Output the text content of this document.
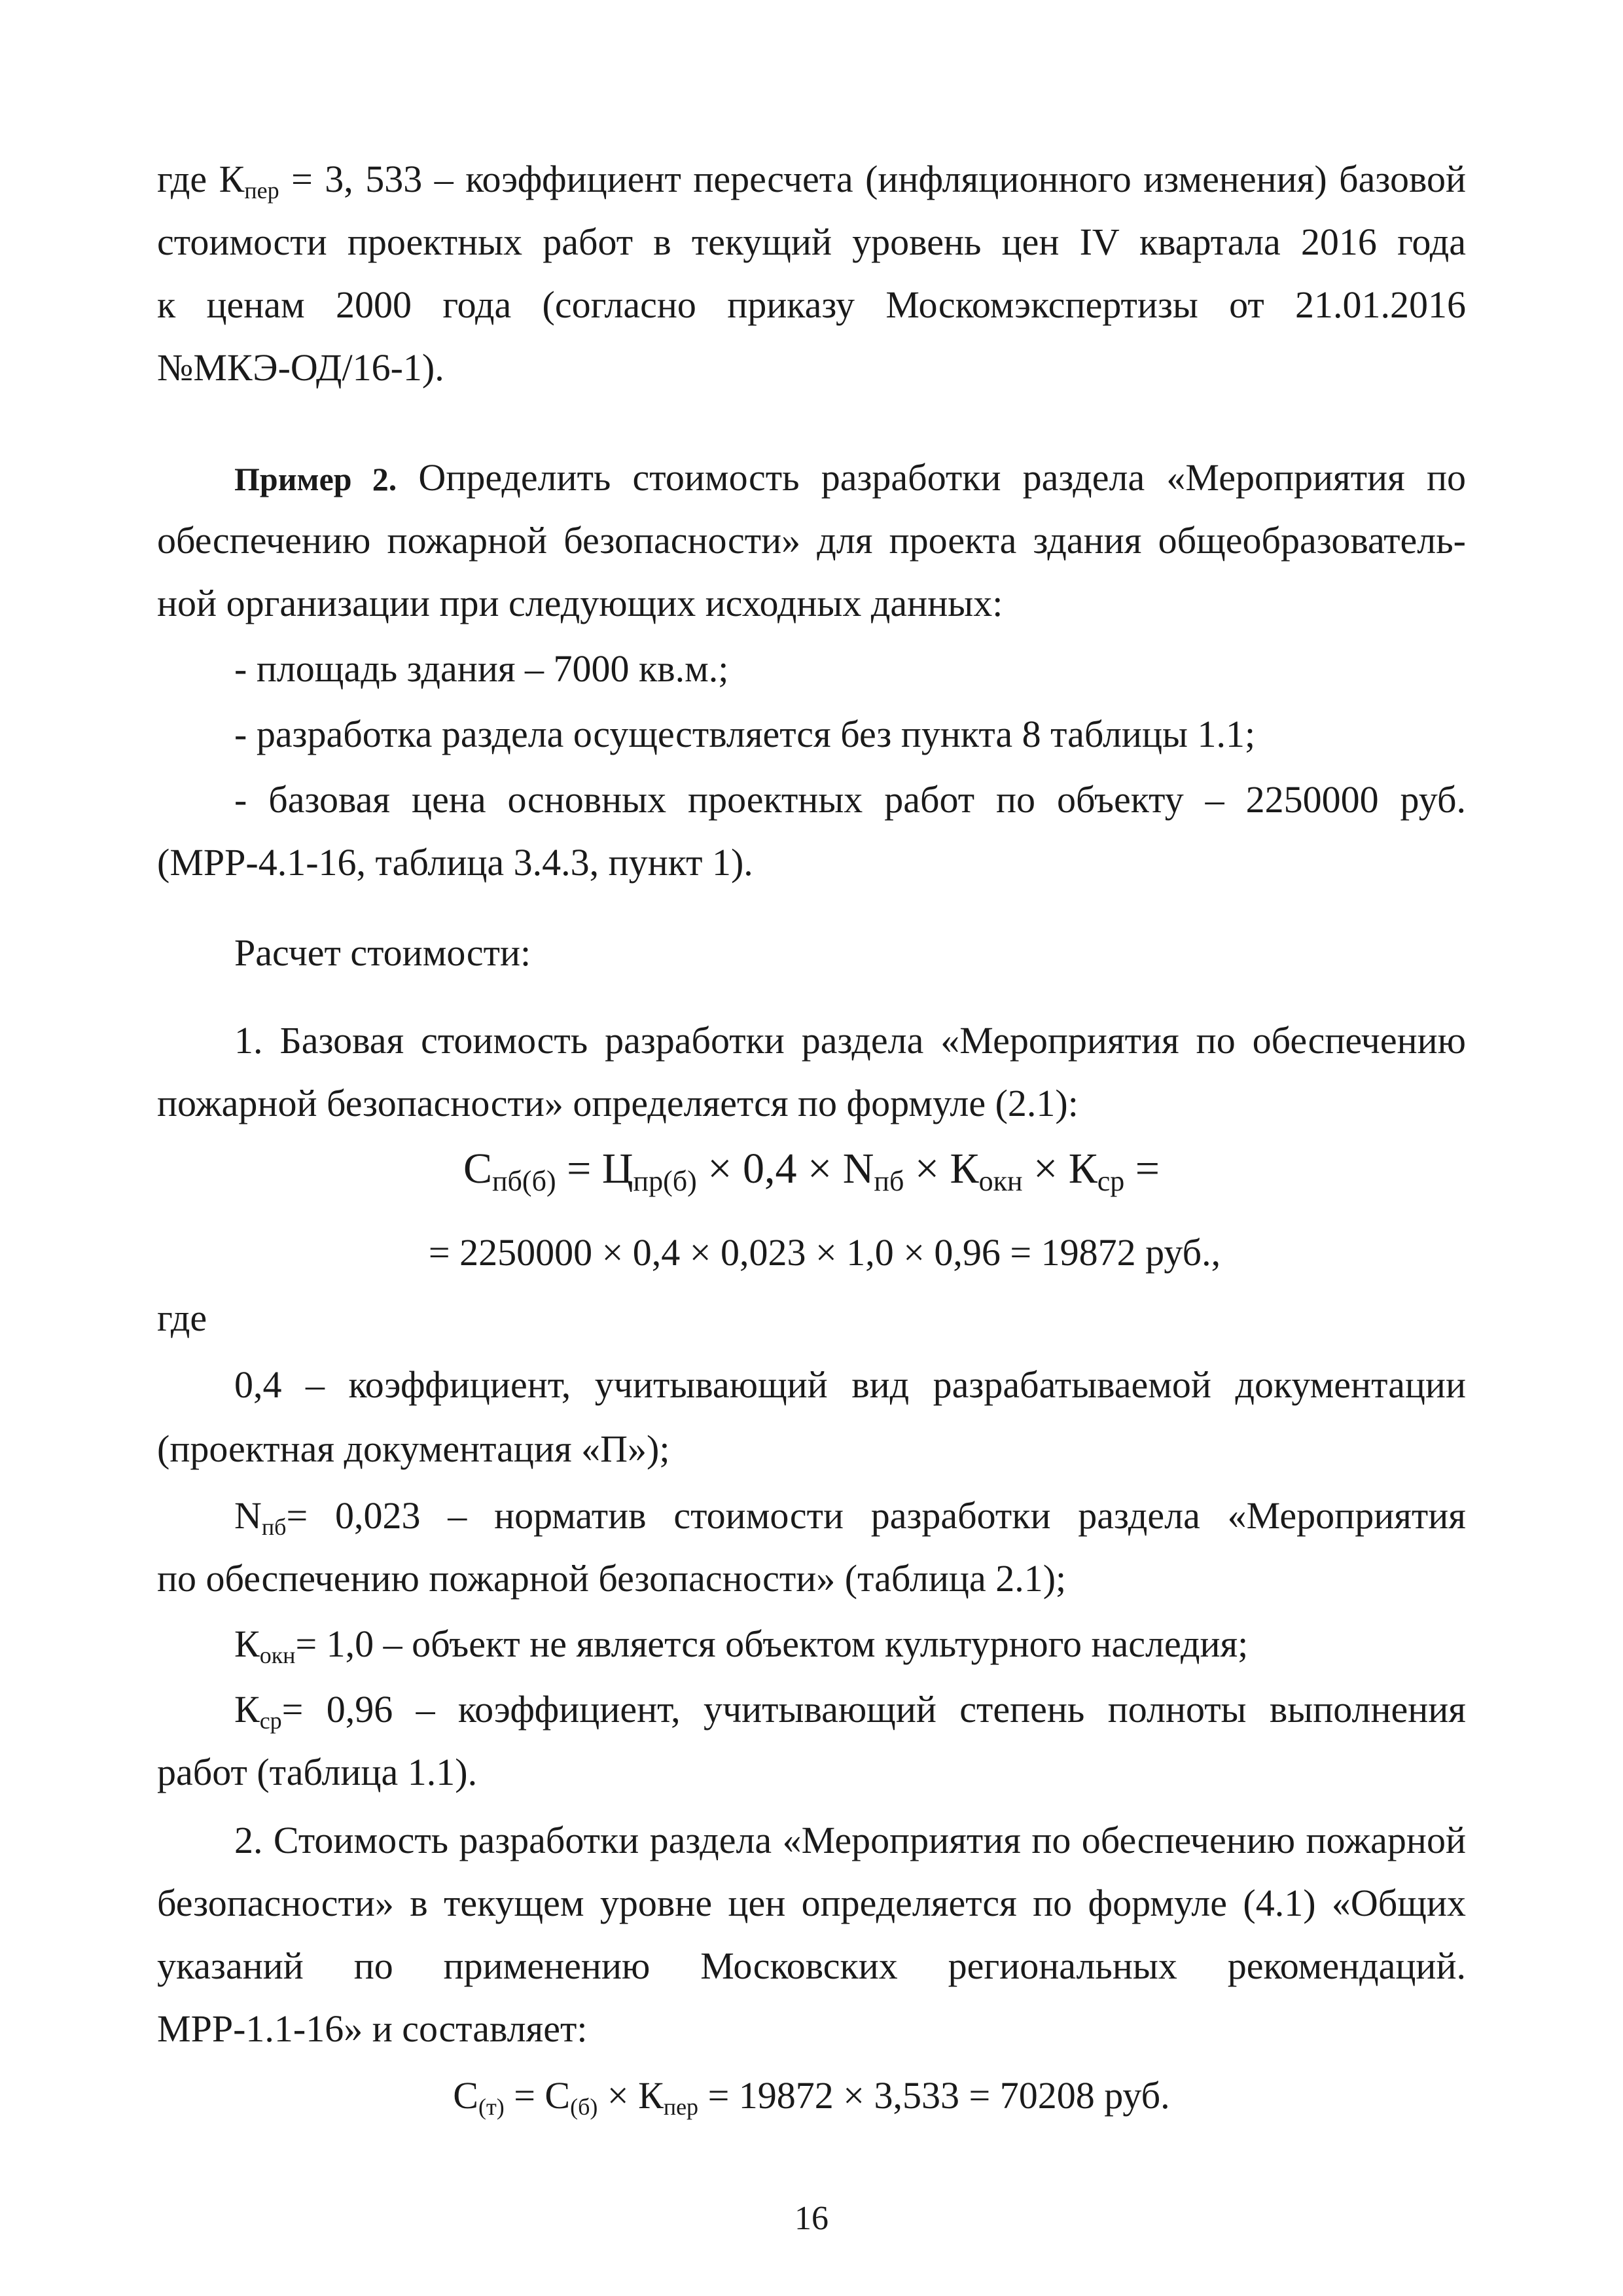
где $К_{пер} = 3$, 533 – коэффициент пересчета (инфляционного изменения) базовой
стоимости проектных работ в текущий уровень цен IV квартала 2016 года
к ценам 2000 года (согласно приказу Москомэкспертизы от 21.01.2016
№МКЭ-ОД/16-1).
Пример 2. Определить стоимость разработки раздела «Мероприятия по
обеспечению пожарной безопасности» для проекта здания общеобразователь-
ной организации при следующих исходных данных:
- площадь здания – 7000 кв.м.;
- разработка раздела осуществляется без пункта 8 таблицы 1.1;
- базовая цена основных проектных работ по объекту – 2250000 руб.
(МРР-4.1-16, таблица 3.4.3, пункт 1).
Расчет стоимости:
1. Базовая стоимость разработки раздела «Мероприятия по обеспечению
пожарной безопасности» определяется по формуле (2.1):
$С_{пб(б)} = Ц_{пр(б)} \times 0,4 \times N_{пб} \times К_{окн} \times К_{ср}$ =
= 2250000 × 0,4 × 0,023 × 1,0 × 0,96 = 19872 руб.,
где
0,4 – коэффициент, учитывающий вид разрабатываемой документации
(проектная документация «П»);
$N_{пб}= 0,023$ – норматив стоимости разработки раздела «Мероприятия
по обеспечению пожарной безопасности» (таблица 2.1);
$К_{окн}= 1,0$ – объект не является объектом культурного наследия;
$К_{ср}= 0,96$ – коэффициент, учитывающий степень полноты выполнения
работ (таблица 1.1).
2. Стоимость разработки раздела «Мероприятия по обеспечению пожарной
безопасности» в текущем уровне цен определяется по формуле (4.1) «Общих
указаний по применению Московских региональных рекомендаций.
МРР-1.1-16» и составляет:
$С_{(т)} = С_{(б)} \times К_{пер} = 19872 \times 3,533 = 70208$ руб.
16
